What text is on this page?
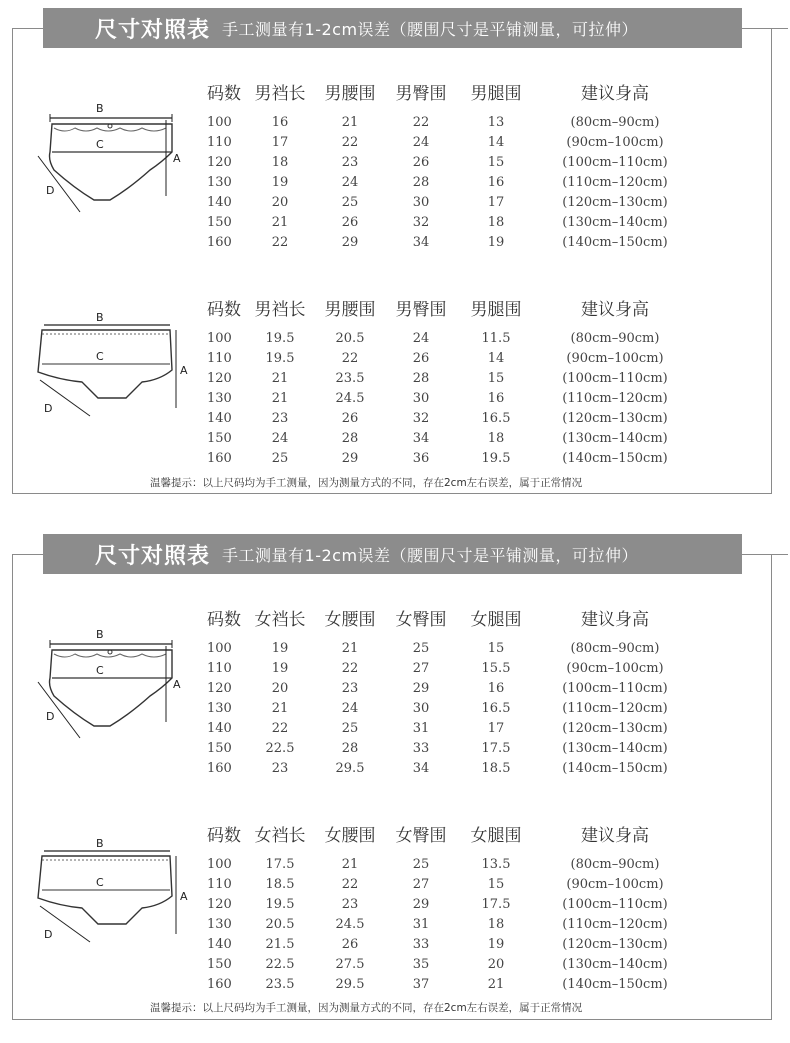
尺寸对照表 手工测量有1-2cm误差（腰围尺寸是平铺测量，可拉伸）
B
C
A
D
码数 男裆长	男腰围	男臀围	男腿围	建议身高
100	16	21	22	13	(80cm–90cm)
110	17	22	24	14	(90cm–100cm)
120	18	23	26	15	(100cm–110cm)
130	19	24	28	16	(110cm–120cm)
140	20	25	30	17	(120cm–130cm)
150	21	26	32	18	(130cm–140cm)
160	22	29	34	19	(140cm–150cm)
B
C
A
D
码数 男裆长	男腰围	男臀围	男腿围	建议身高
100	19.5	20.5	24	11.5	(80cm–90cm)
110	19.5	22	26	14	(90cm–100cm)
120	21	23.5	28	15	(100cm–110cm)
130	21	24.5	30	16	(110cm–120cm)
140	23	26	32	16.5	(120cm–130cm)
150	24	28	34	18	(130cm–140cm)
160	25	29	36	19.5	(140cm–150cm)
温馨提示：以上尺码均为手工测量，因为测量方式的不同，存在2cm左右误差，属于正常情况
尺寸对照表 手工测量有1-2cm误差（腰围尺寸是平铺测量，可拉伸）
B
C
A
D
码数 女裆长	女腰围	女臀围	女腿围	建议身高
100	19	21	25	15	(80cm–90cm)
110	19	22	27	15.5	(90cm–100cm)
120	20	23	29	16	(100cm–110cm)
130	21	24	30	16.5	(110cm–120cm)
140	22	25	31	17	(120cm–130cm)
150	22.5	28	33	17.5	(130cm–140cm)
160	23	29.5	34	18.5	(140cm–150cm)
B
C
A
D
码数 女裆长	女腰围	女臀围	女腿围	建议身高
100	17.5	21	25	13.5	(80cm–90cm)
110	18.5	22	27	15	(90cm–100cm)
120	19.5	23	29	17.5	(100cm–110cm)
130	20.5	24.5	31	18	(110cm–120cm)
140	21.5	26	33	19	(120cm–130cm)
150	22.5	27.5	35	20	(130cm–140cm)
160	23.5	29.5	37	21	(140cm–150cm)
温馨提示：以上尺码均为手工测量，因为测量方式的不同，存在2cm左右误差，属于正常情况
